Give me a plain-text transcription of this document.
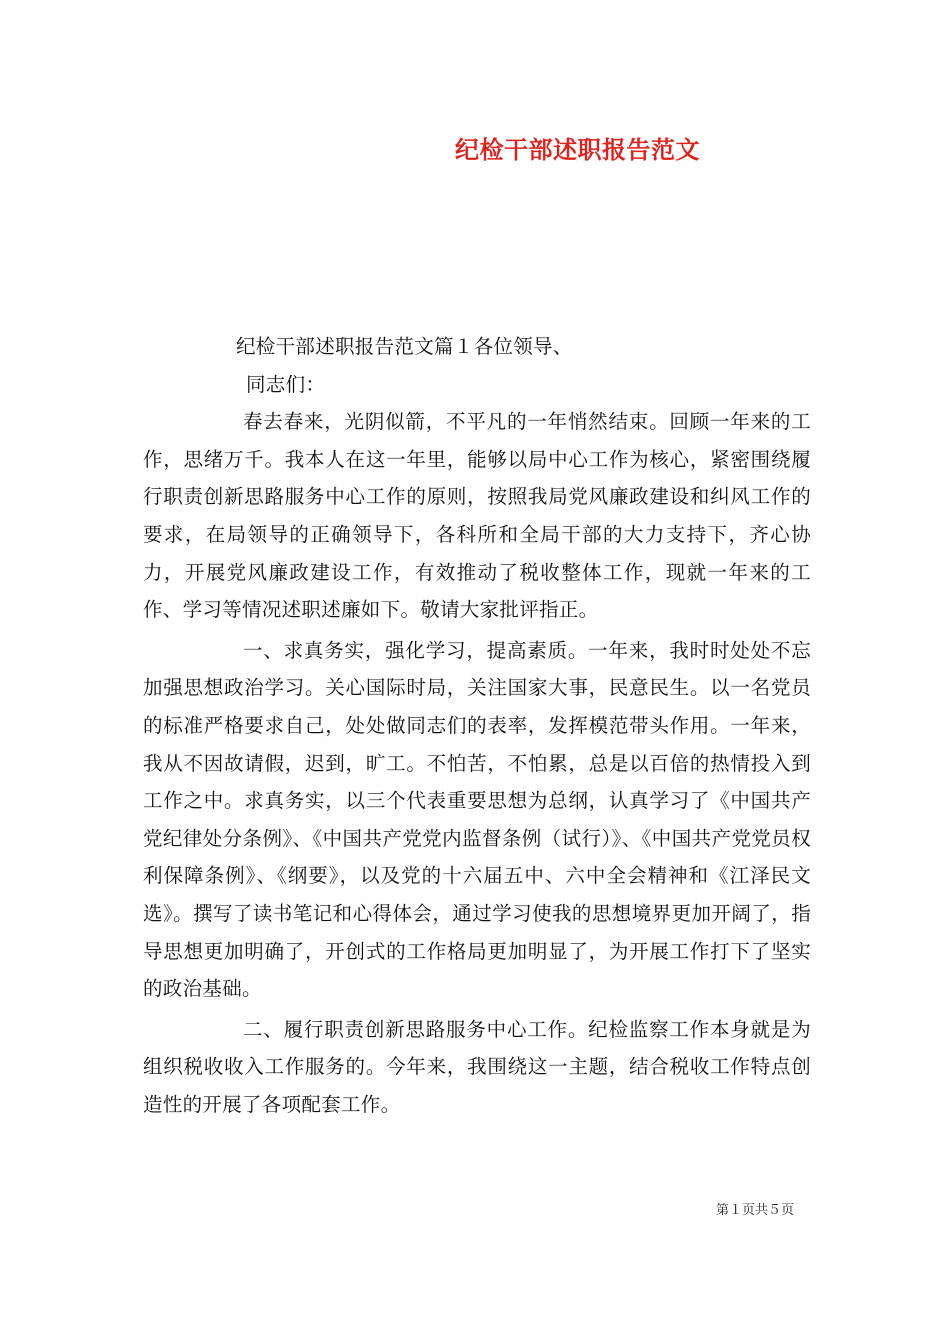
纪检干部述职报告范文

纪检干部述职报告范文篇１各位领导、

同志们：

春去春来，光阴似箭，不平凡的一年悄然结束。回顾一年来的工作，思绪万千。我本人在这一年里，能够以局中心工作为核心，紧密围绕履行职责创新思路服务中心工作的原则，按照我局党风廉政建设和纠风工作的要求，在局领导的正确领导下，各科所和全局干部的大力支持下，齐心协力，开展党风廉政建设工作，有效推动了税收整体工作，现就一年来的工作、学习等情况述职述廉如下。敬请大家批评指正。

一、求真务实，强化学习，提高素质。一年来，我时时处处不忘加强思想政治学习。关心国际时局，关注国家大事，民意民生。以一名党员的标准严格要求自己，处处做同志们的表率，发挥模范带头作用。一年来，我从不因故请假，迟到，旷工。不怕苦，不怕累，总是以百倍的热情投入到工作之中。求真务实，以三个代表重要思想为总纲，认真学习了《中国共产党纪律处分条例》、《中国共产党党内监督条例（试行）》、《中国共产党党员权利保障条例》、《纲要》，以及党的十六届五中、六中全会精神和《江泽民文选》。撰写了读书笔记和心得体会，通过学习使我的思想境界更加开阔了，指导思想更加明确了，开创式的工作格局更加明显了，为开展工作打下了坚实的政治基础。

二、履行职责创新思路服务中心工作。纪检监察工作本身就是为组织税收收入工作服务的。今年来，我围绕这一主题，结合税收工作特点创造性的开展了各项配套工作。

第１页共５页
